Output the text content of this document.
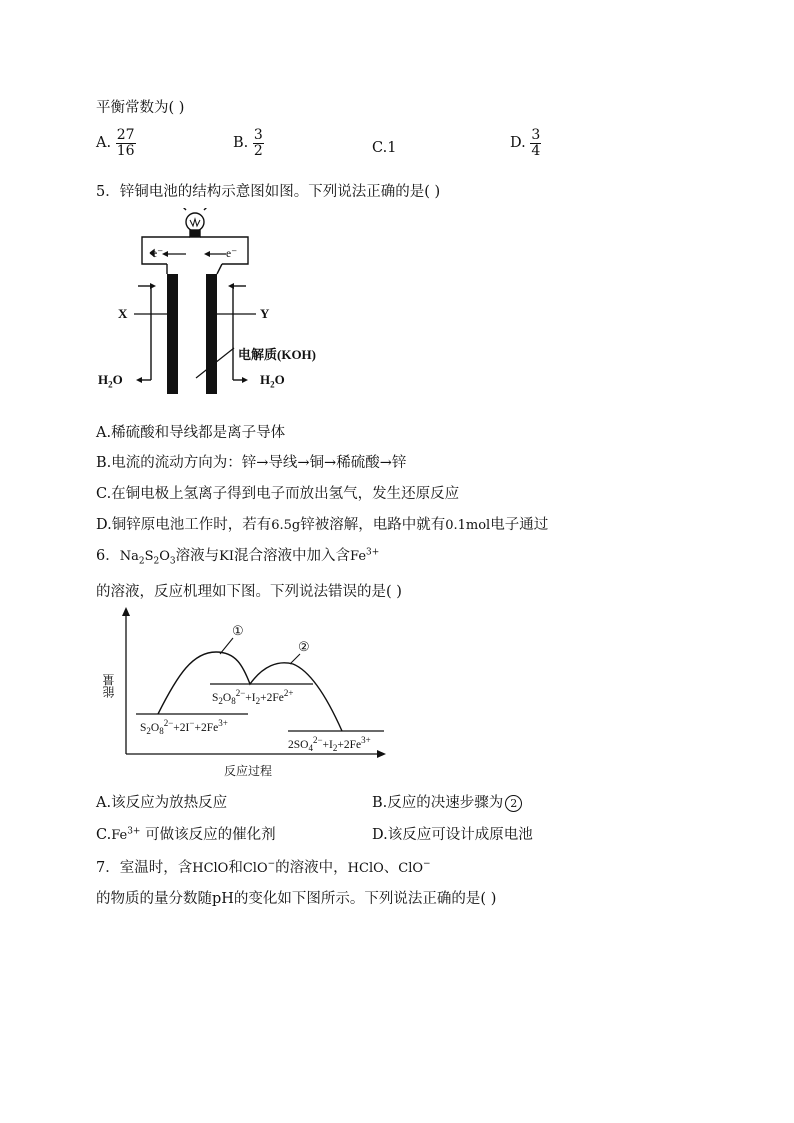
平衡常数为( )
A. $\frac{27}{16}$	B. $\frac{3}{2}$	C.1	D. $\frac{3}{4}$
5．锌铜电池的结构示意图如图。下列说法正确的是( )
e⁻	e⁻
X	Y
电解质(KOH)
$H_2O$	$H_2O$
A.稀硫酸和导线都是离子导体
B.电流的流动方向为：锌→导线→铜→稀硫酸→锌
C.在铜电极上氢离子得到电子而放出氢气，发生还原反应
D.铜锌原电池工作时，若有6.5g锌被溶解，电路中就有0.1mol电子通过
6．$Na_2S_2O_3$溶液与KI混合溶液中加入含$Fe^{3+}$
的溶液，反应机理如下图。下列说法错误的是( )
能量
反应过程
①
②
$S_2O_8^{2-}+I_2+2Fe^{2+}$
$S_2O_8^{2-}+2I^-+2Fe^{3+}$
$2SO_4^{2-}+I_2+2Fe^{3+}$
A.该反应为放热反应	B.反应的决速步骤为 2
$C.Fe^{3+}$ 可做该反应的催化剂	D.该反应可设计成原电池
7．室温时，含HClO和ClO−的溶液中，HClO、ClO−
的物质的量分数随pH的变化如下图所示。下列说法正确的是( )
